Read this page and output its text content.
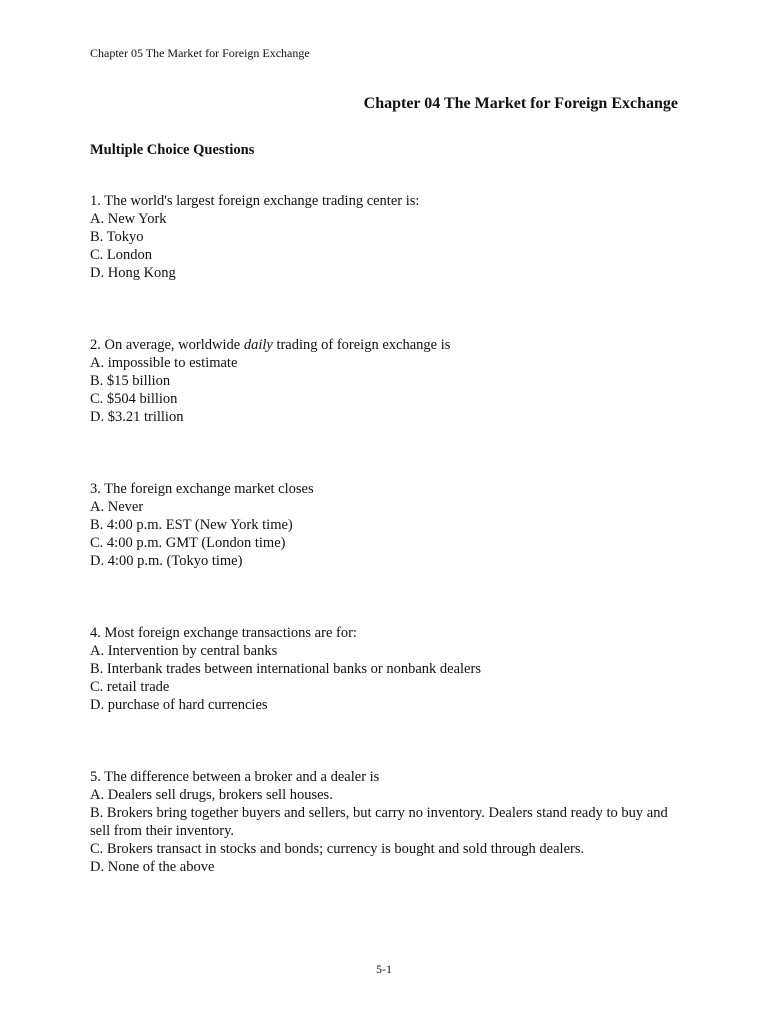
Chapter 05 The Market for Foreign Exchange
Chapter 04 The Market for Foreign Exchange
Multiple Choice Questions

1. The world's largest foreign exchange trading center is:

A. New York

B. Tokyo

C. London

D. Hong Kong

2. On average, worldwide daily trading of foreign exchange is

A. impossible to estimate

B. $15 billion

C. $504 billion

D. $3.21 trillion

3. The foreign exchange market closes

A. Never

B. 4:00 p.m. EST (New York time)

C. 4:00 p.m. GMT (London time)

D. 4:00 p.m. (Tokyo time)

4. Most foreign exchange transactions are for:

A. Intervention by central banks

B. Interbank trades between international banks or nonbank dealers

C. retail trade

D. purchase of hard currencies

5. The difference between a broker and a dealer is

A. Dealers sell drugs, brokers sell houses.

B. Brokers bring together buyers and sellers, but carry no inventory. Dealers stand ready to buy and sell from their inventory.

C. Brokers transact in stocks and bonds; currency is bought and sold through dealers.

D. None of the above

5-1
